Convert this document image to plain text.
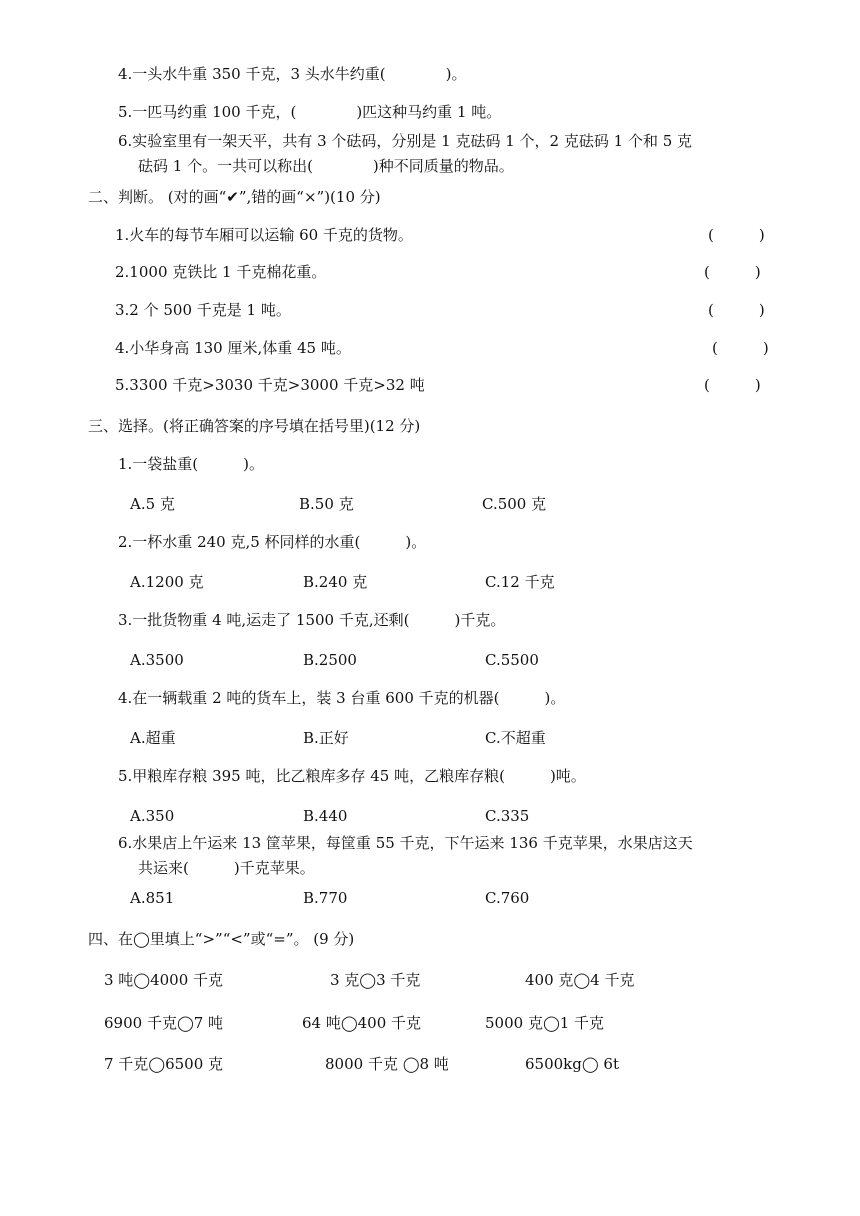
4.一头水牛重 350 千克，3 头水牛约重(　　　　)。
5.一匹马约重 100 千克，(　　　　)匹这种马约重 1 吨。
6.实验室里有一架天平，共有 3 个砝码，分别是 1 克砝码 1 个，2 克砝码 1 个和 5 克
砝码 1 个。一共可以称出(　　　　)种不同质量的物品。
二、判断。 (对的画“✔”,错的画“×”)(10 分)
1.火车的每节车厢可以运输 60 千克的货物。	(　　　)
2.1000 克铁比 1 千克棉花重。	(　　　)
3.2 个 500 千克是 1 吨。	(　　　)
4.小华身高 130 厘米,体重 45 吨。	(　　　)
5.3300 千克>3030 千克>3000 千克>32 吨	(　　　)
三、选择。(将正确答案的序号填在括号里)(12 分)
1.一袋盐重(　　　)。
A.5 克	B.50 克	C.500 克
2.一杯水重 240 克,5 杯同样的水重(　　　)。
A.1200 克	B.240 克	C.12 千克
3.一批货物重 4 吨,运走了 1500 千克,还剩(　　　)千克。
A.3500	B.2500	C.5500
4.在一辆载重 2 吨的货车上，装 3 台重 600 千克的机器(　　　)。
A.超重	B.正好	C.不超重
5.甲粮库存粮 395 吨，比乙粮库多存 45 吨，乙粮库存粮(　　　)吨。
A.350	B.440	C.335
6.水果店上午运来 13 筐苹果，每筐重 55 千克，下午运来 136 千克苹果，水果店这天
共运来(　　　)千克苹果。
A.851	B.770	C.760
四、在◯里填上“>”“<”或“=”。 (9 分)
3 吨◯4000 千克	3 克◯3 千克	400 克◯4 千克
6900 千克◯7 吨	64 吨◯400 千克	5000 克◯1 千克
7 千克◯6500 克	8000 千克 ◯8 吨	6500kg◯ 6t
